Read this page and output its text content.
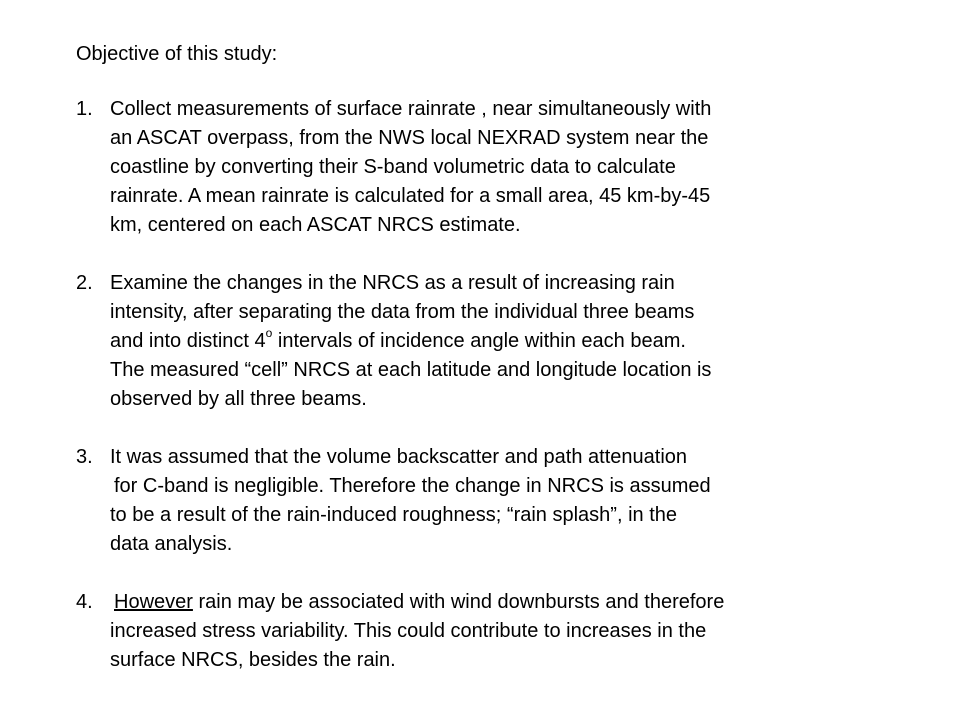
Objective of this study:
1. Collect measurements of surface rainrate , near simultaneously with
an ASCAT overpass, from the NWS local NEXRAD system near the
coastline by converting their S-band volumetric data to calculate
rainrate. A mean rainrate is calculated for a small area, 45 km-by-45
km, centered on each ASCAT NRCS estimate.
2. Examine the changes in the NRCS as a result of increasing rain
intensity, after separating the data from the individual three beams
and into distinct 4$^o$ intervals of incidence angle within each beam.
The measured “cell” NRCS at each latitude and longitude location is
observed by all three beams.
3. It was assumed that the volume backscatter and path attenuation
for C-band is negligible. Therefore the change in NRCS is assumed
to be a result of the rain-induced roughness; “rain splash”, in the
data analysis.
4. However rain may be associated with wind downbursts and therefore
increased stress variability. This could contribute to increases in the
surface NRCS, besides the rain.
